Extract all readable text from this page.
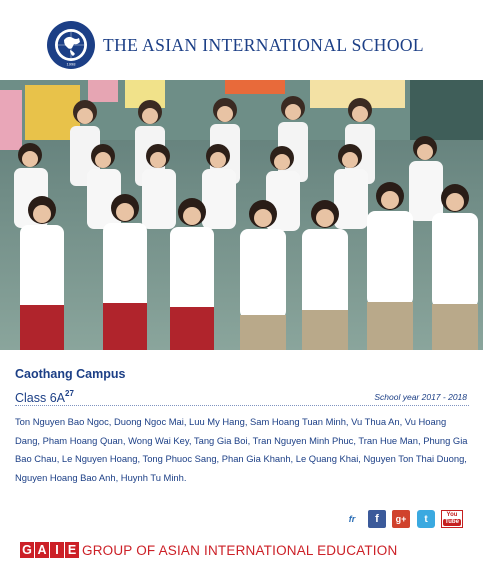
1998
THE ASIAN INTERNATIONAL SCHOOL
Caothang Campus
Class $6A^{27}$	School year 2017 - 2018
Ton Nguyen Bao Ngoc, Duong Ngoc Mai, Luu My Hang, Sam Hoang Tuan Minh, Vu Thua An, Vu Hoang Dang, Pham Hoang Quan, Wong Wai Key, Tang Gia Boi, Tran Nguyen Minh Phuc, Tran Hue Man, Phung Gia Bao Chau, Le Nguyen Hoang, Tong Phuoc Sang, Phan Gia Khanh, Le Quang Khai, Nguyen Ton Thai Duong, Nguyen Hoang Bao Anh, Huynh Tu Minh.
fr	f	g+	t	You
Tube
G A I E GROUP OF ASIAN INTERNATIONAL EDUCATION
